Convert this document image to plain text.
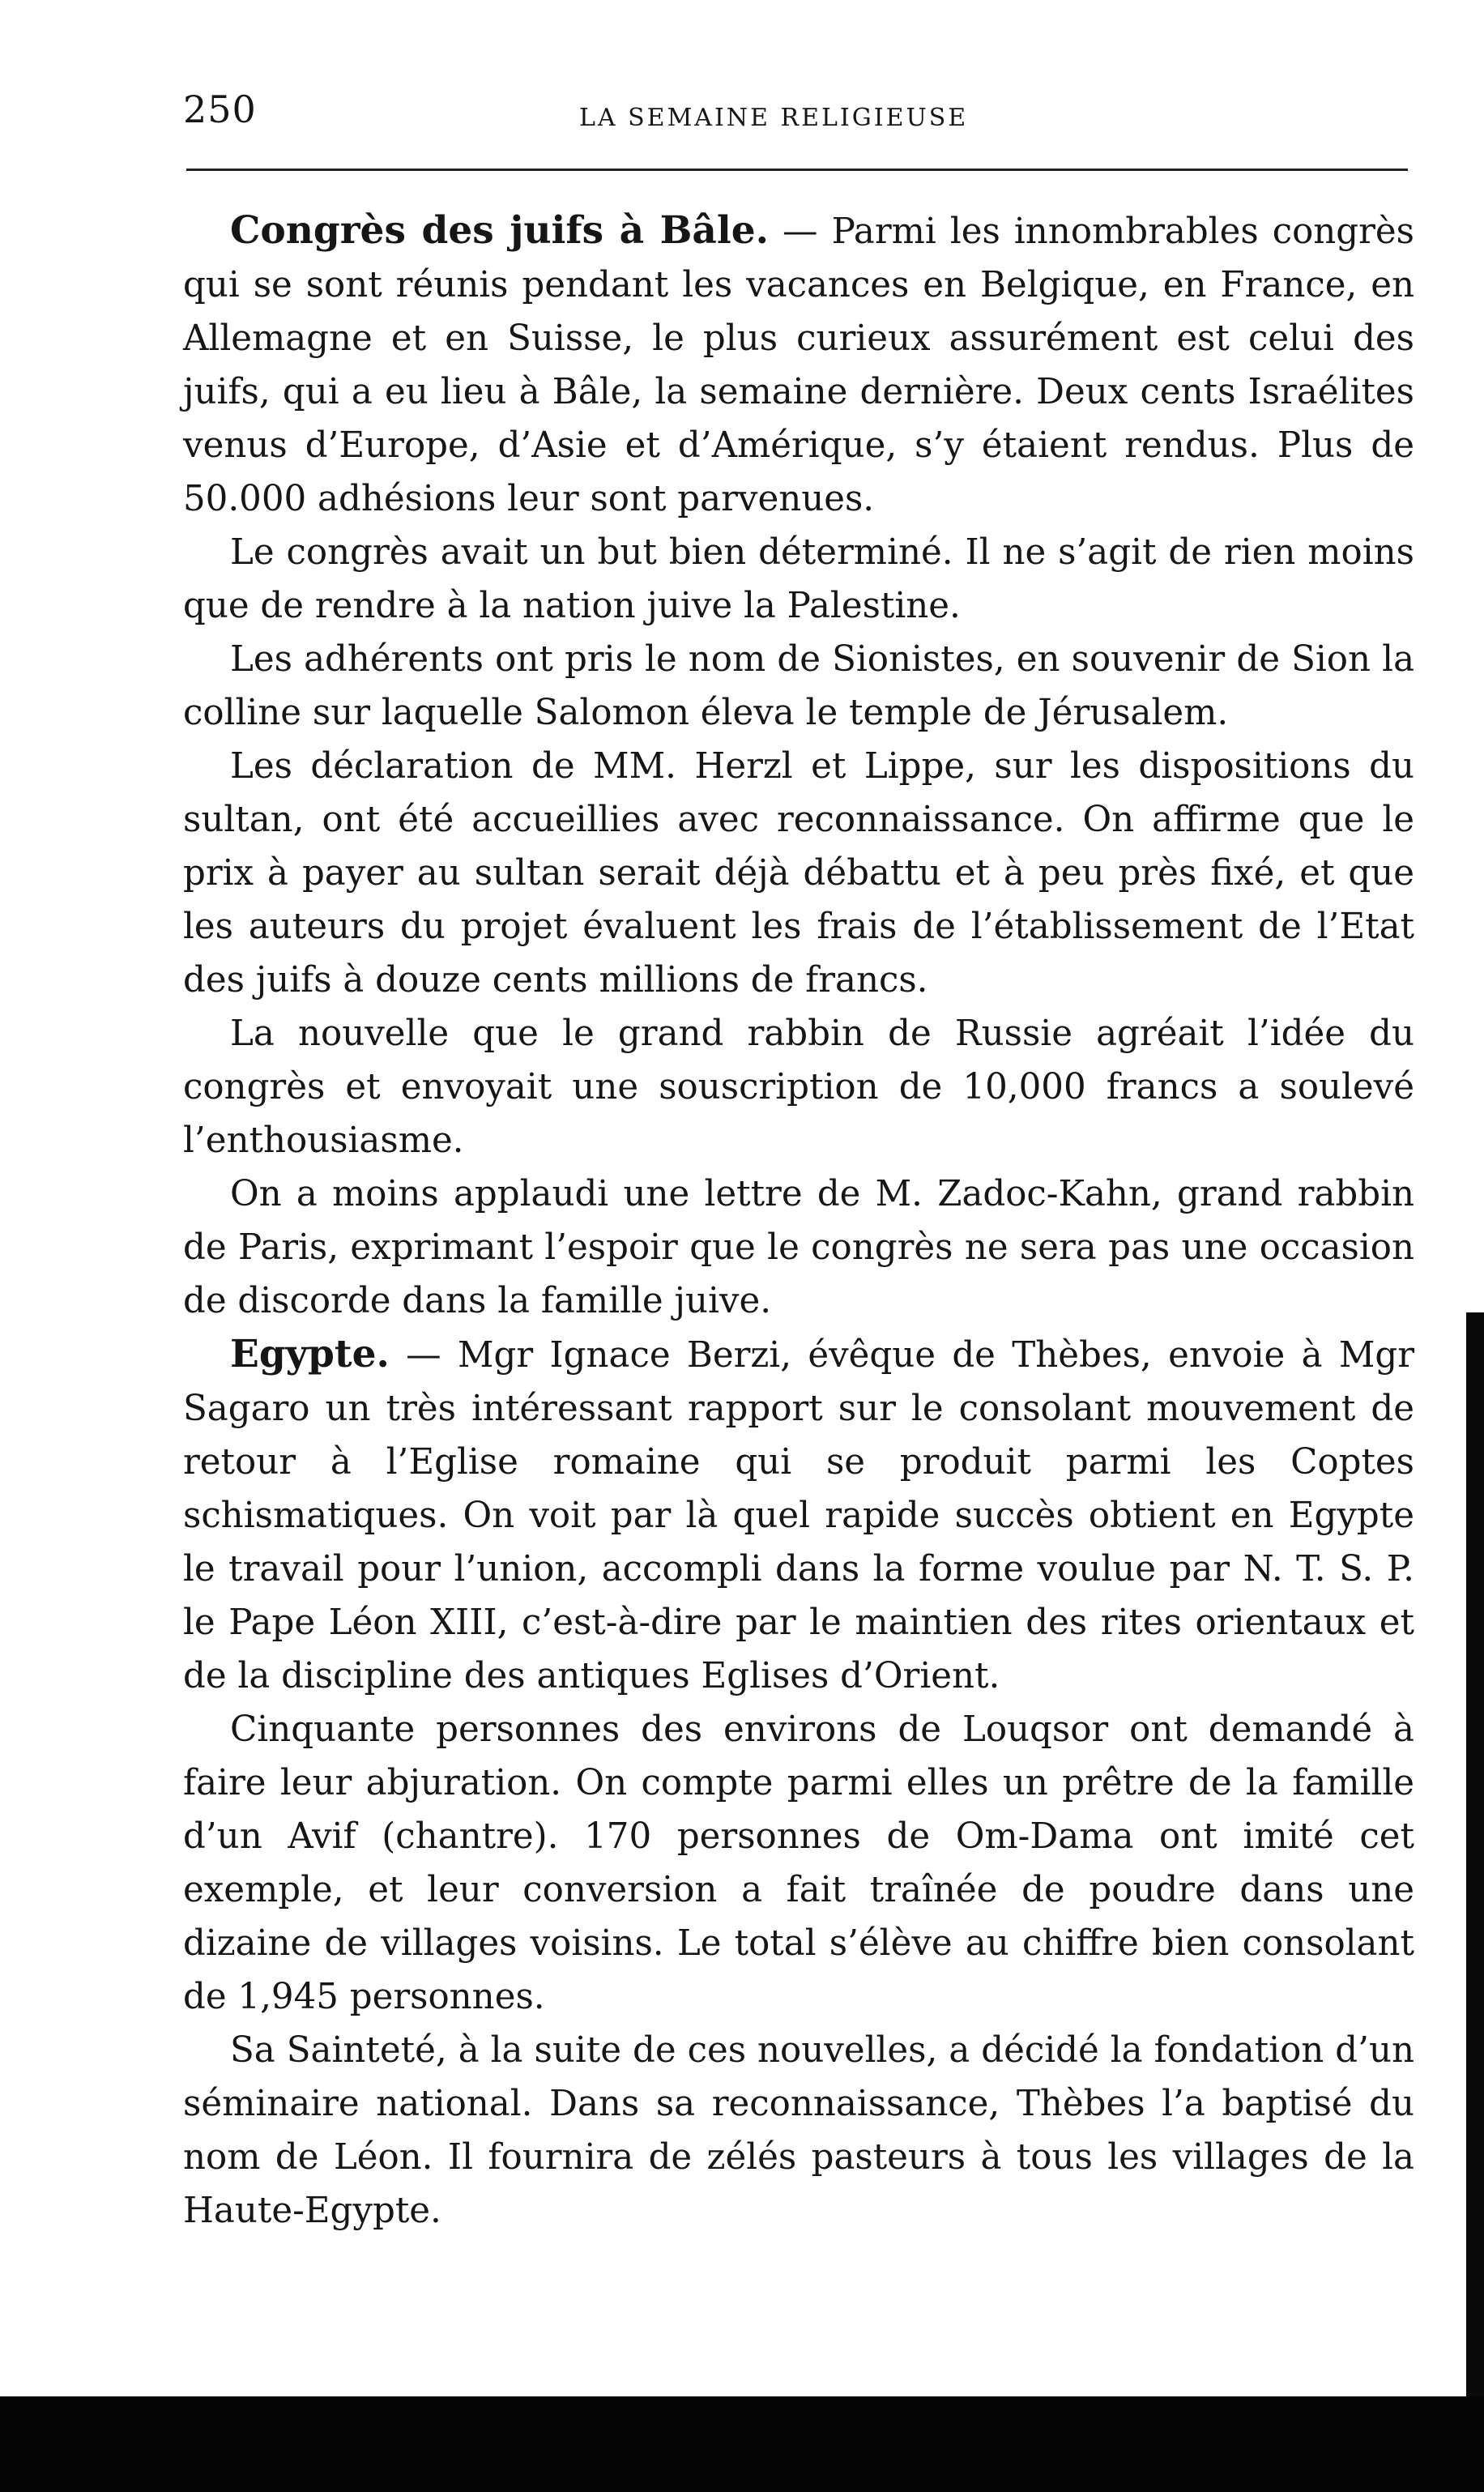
250	LA SEMAINE RELIGIEUSE

Congrès des juifs à Bâle. — Parmi les innombrables congrès qui se sont réunis pendant les vacances en Belgique, en France, en Allemagne et en Suisse, le plus curieux assurément est celui des juifs, qui a eu lieu à Bâle, la semaine dernière. Deux cents Israélites venus d’Europe, d’Asie et d’Amérique, s’y étaient rendus. Plus de 50.000 adhésions leur sont parvenues.

Le congrès avait un but bien déterminé. Il ne s’agit de rien moins que de rendre à la nation juive la Palestine.

Les adhérents ont pris le nom de Sionistes, en souvenir de Sion la colline sur laquelle Salomon éleva le temple de Jérusalem.

Les déclaration de MM. Herzl et Lippe, sur les dispositions du sultan, ont été accueillies avec reconnaissance. On affirme que le prix à payer au sultan serait déjà débattu et à peu près fixé, et que les auteurs du projet évaluent les frais de l’établissement de l’Etat des juifs à douze cents millions de francs.

La nouvelle que le grand rabbin de Russie agréait l’idée du congrès et envoyait une souscription de 10,000 francs a soulevé l’enthousiasme.

On a moins applaudi une lettre de M. Zadoc-Kahn, grand rabbin de Paris, exprimant l’espoir que le congrès ne sera pas une occasion de discorde dans la famille juive.

Egypte. — Mgr Ignace Berzi, évêque de Thèbes, envoie à Mgr Sagaro un très intéressant rapport sur le consolant mouvement de retour à l’Eglise romaine qui se produit parmi les Coptes schismatiques. On voit par là quel rapide succès obtient en Egypte le travail pour l’union, accompli dans la forme voulue par N. T. S. P. le Pape Léon XIII, c’est-à-dire par le maintien des rites orientaux et de la discipline des antiques Eglises d’Orient.

Cinquante personnes des environs de Louqsor ont demandé à faire leur abjuration. On compte parmi elles un prêtre de la famille d’un Avif (chantre). 170 personnes de Om-Dama ont imité cet exemple, et leur conversion a fait traînée de poudre dans une dizaine de villages voisins. Le total s’élève au chiffre bien consolant de 1,945 personnes.

Sa Sainteté, à la suite de ces nouvelles, a décidé la fondation d’un séminaire national. Dans sa reconnaissance, Thèbes l’a baptisé du nom de Léon. Il fournira de zélés pasteurs à tous les villages de la Haute-Egypte.
